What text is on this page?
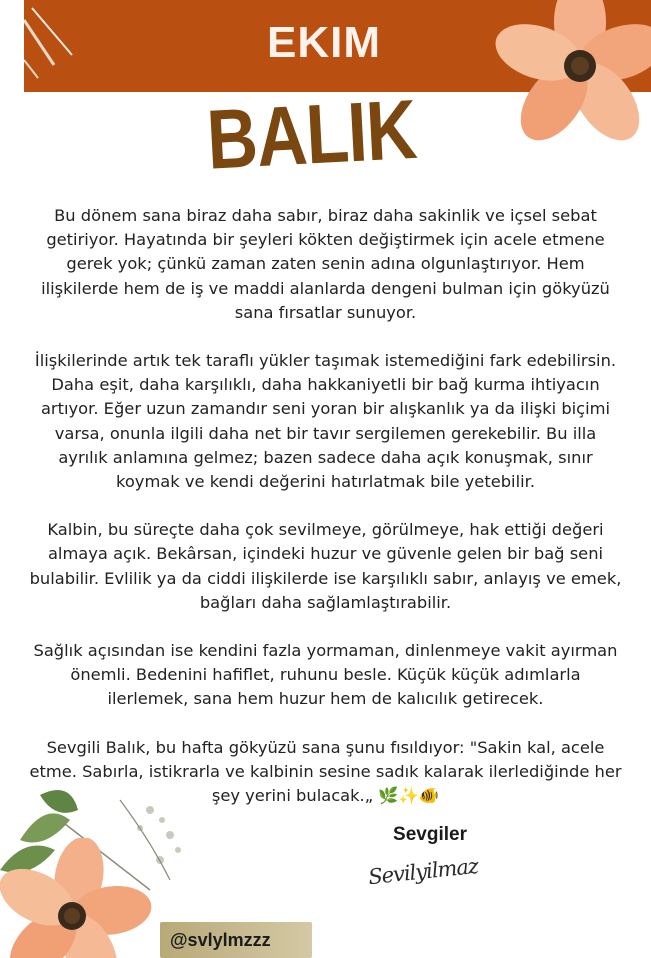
EKIM
BALIK

Bu dönem sana biraz daha sabır, biraz daha sakinlik ve içsel sebat getiriyor. Hayatında bir şeyleri kökten değiştirmek için acele etmene gerek yok; çünkü zaman zaten senin adına olgunlaştırıyor. Hem ilişkilerde hem de iş ve maddi alanlarda dengeni bulman için gökyüzü sana fırsatlar sunuyor.

İlişkilerinde artık tek taraflı yükler taşımak istemediğini fark edebilirsin. Daha eşit, daha karşılıklı, daha hakkaniyetli bir bağ kurma ihtiyacın artıyor. Eğer uzun zamandır seni yoran bir alışkanlık ya da ilişki biçimi varsa, onunla ilgili daha net bir tavır sergilemen gerekebilir. Bu illa ayrılık anlamına gelmez; bazen sadece daha açık konuşmak, sınır koymak ve kendi değerini hatırlatmak bile yetebilir.

Kalbin, bu süreçte daha çok sevilmeye, görülmeye, hak ettiği değeri almaya açık. Bekârsan, içindeki huzur ve güvenle gelen bir bağ seni bulabilir. Evlilik ya da ciddi ilişkilerde ise karşılıklı sabır, anlayış ve emek, bağları daha sağlamlaştırabilir.

Sağlık açısından ise kendini fazla yormaman, dinlenmeye vakit ayırman önemli. Bedenini hafiflet, ruhunu besle. Küçük küçük adımlarla ilerlemek, sana hem huzur hem de kalıcılık getirecek.

Sevgili Balık, bu hafta gökyüzü sana şunu fısıldıyor: "Sakin kal, acele etme. Sabırla, istikrarla ve kalbinin sesine sadık kalarak ilerlediğinde her şey yerini bulacak.„ 🌿✨🐠

Sevgiler
Sevilyilmaz
@svlylmzzz
